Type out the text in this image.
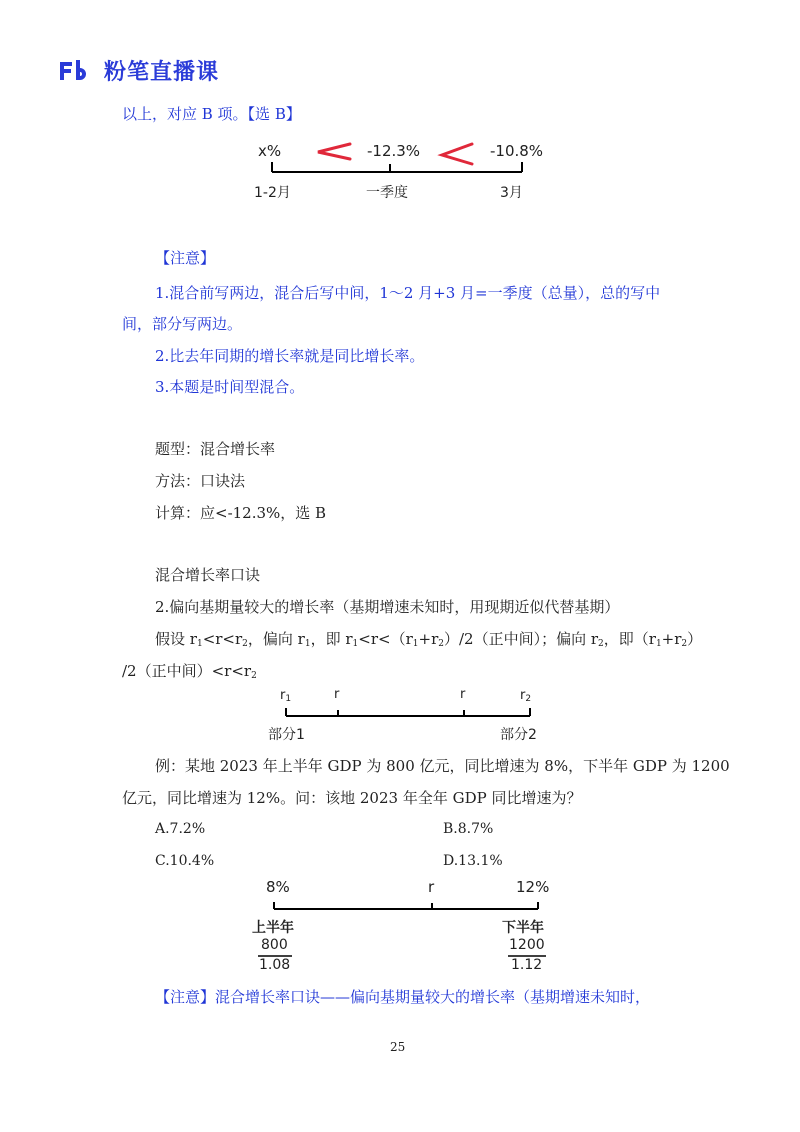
粉笔直播课
以上，对应 B 项。【选 B】
x%	-12.3%	-10.8%
1-2月	一季度	3月
【注意】
1.混合前写两边，混合后写中间，1～2 月+3 月=一季度（总量），总的写中
间，部分写两边。
2.比去年同期的增长率就是同比增长率。
3.本题是时间型混合。
题型：混合增长率
方法：口诀法
计算：应<-12.3%，选 B
混合增长率口诀
2.偏向基期量较大的增长率（基期增速未知时，用现期近似代替基期）
假设 $r_1<r<r_2$，偏向 $r_1$，即 $r_1<r<(r_1+r_2)/2$（正中间）；偏向 $r_2$，即$(r_1+r_2)$
/2（正中间）$<r<r_2$
$r_1$	r	r	$r_2$
部分1	部分2
例：某地 2023 年上半年 GDP 为 800 亿元，同比增速为 8%，下半年 GDP 为 1200
亿元，同比增速为 12%。问：该地 2023 年全年 GDP 同比增速为？
A.7.2%	B.8.7%
C.10.4%	D.13.1%
8%	r	12%
上半年
800
1.08
下半年
1200
1.12
【注意】混合增长率口诀——偏向基期量较大的增长率（基期增速未知时，
25
